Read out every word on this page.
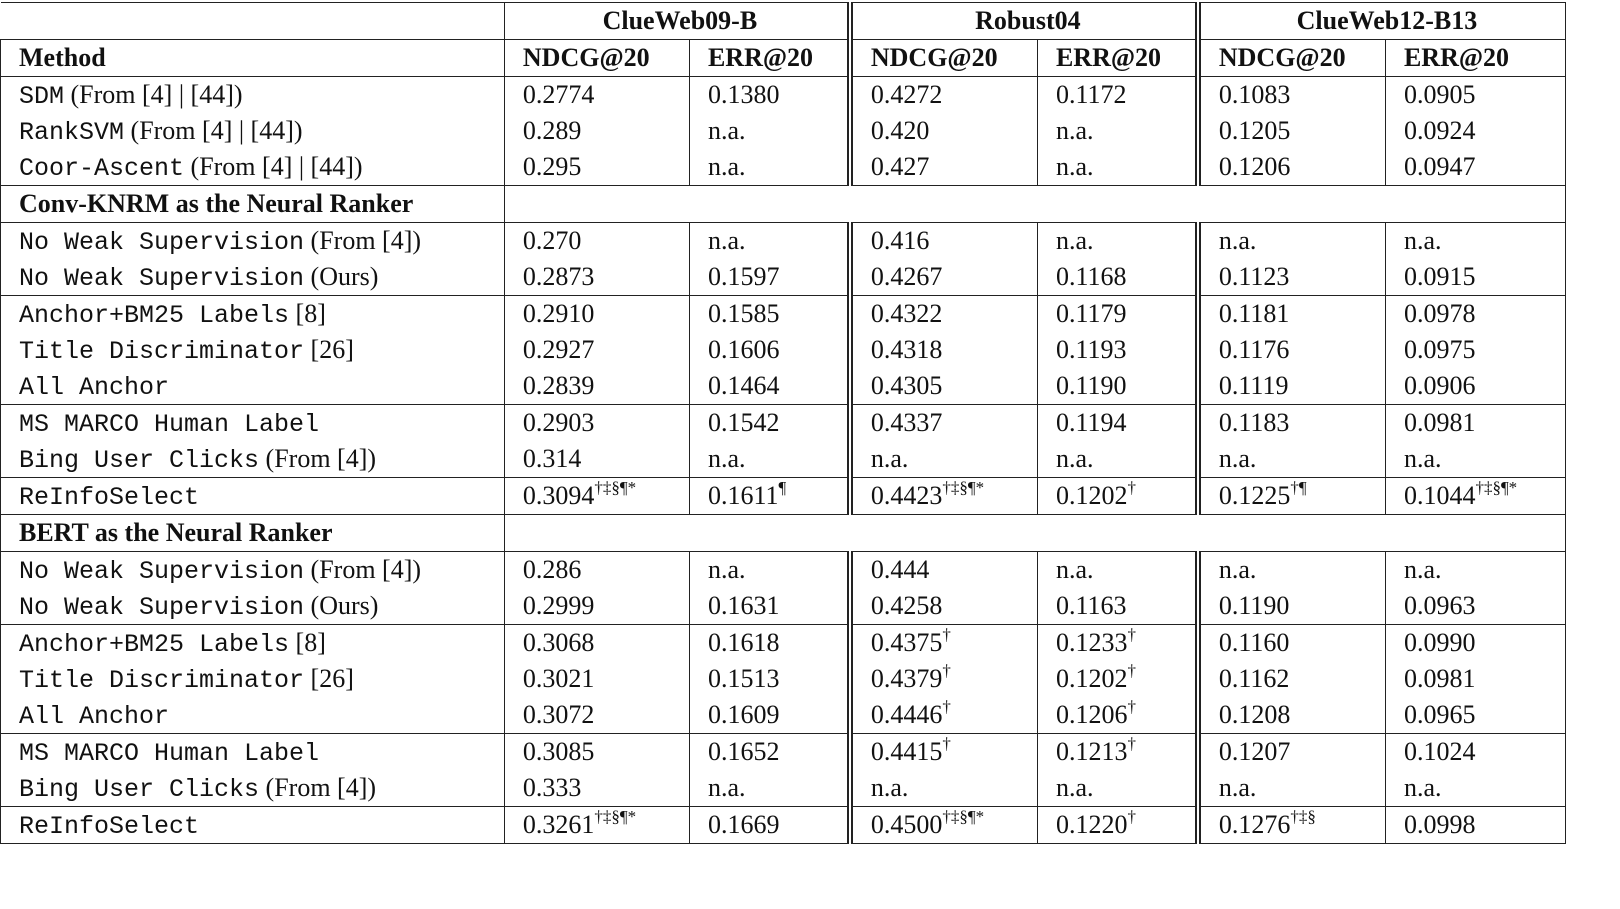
	ClueWeb09-B		Robust04		ClueWeb12-B13	
Method	NDCG@20	ERR@20	NDCG@20	ERR@20	NDCG@20	ERR@20
SDM (From [4] | [44])	0.2774	0.1380	0.4272	0.1172	0.1083	0.0905
RankSVM (From [4] | [44])	0.289	n.a.	0.420	n.a.	0.1205	0.0924
Coor-Ascent (From [4] | [44])	0.295	n.a.	0.427	n.a.	0.1206	0.0947
Conv-KNRM as the Neural Ranker						
No Weak Supervision (From [4])	0.270	n.a.	0.416	n.a.	n.a.	n.a.
No Weak Supervision (Ours)	0.2873	0.1597	0.4267	0.1168	0.1123	0.0915
Anchor+BM25 Labels [8]	0.2910	0.1585	0.4322	0.1179	0.1181	0.0978
Title Discriminator [26]	0.2927	0.1606	0.4318	0.1193	0.1176	0.0975
All Anchor	0.2839	0.1464	0.4305	0.1190	0.1119	0.0906
MS MARCO Human Label	0.2903	0.1542	0.4337	0.1194	0.1183	0.0981
Bing User Clicks (From [4])	0.314	n.a.	n.a.	n.a.	n.a.	n.a.
ReInfoSelect	0.3094†‡§¶*	0.1611¶	0.4423†‡§¶*	0.1202†	0.1225†¶	0.1044†‡§¶*
BERT as the Neural Ranker						
No Weak Supervision (From [4])	0.286	n.a.	0.444	n.a.	n.a.	n.a.
No Weak Supervision (Ours)	0.2999	0.1631	0.4258	0.1163	0.1190	0.0963
Anchor+BM25 Labels [8]	0.3068	0.1618	0.4375†	0.1233†	0.1160	0.0990
Title Discriminator [26]	0.3021	0.1513	0.4379†	0.1202†	0.1162	0.0981
All Anchor	0.3072	0.1609	0.4446†	0.1206†	0.1208	0.0965
MS MARCO Human Label	0.3085	0.1652	0.4415†	0.1213†	0.1207	0.1024
Bing User Clicks (From [4])	0.333	n.a.	n.a.	n.a.	n.a.	n.a.
ReInfoSelect	0.3261†‡§¶*	0.1669	0.4500†‡§¶*	0.1220†	0.1276†‡§	0.0998
